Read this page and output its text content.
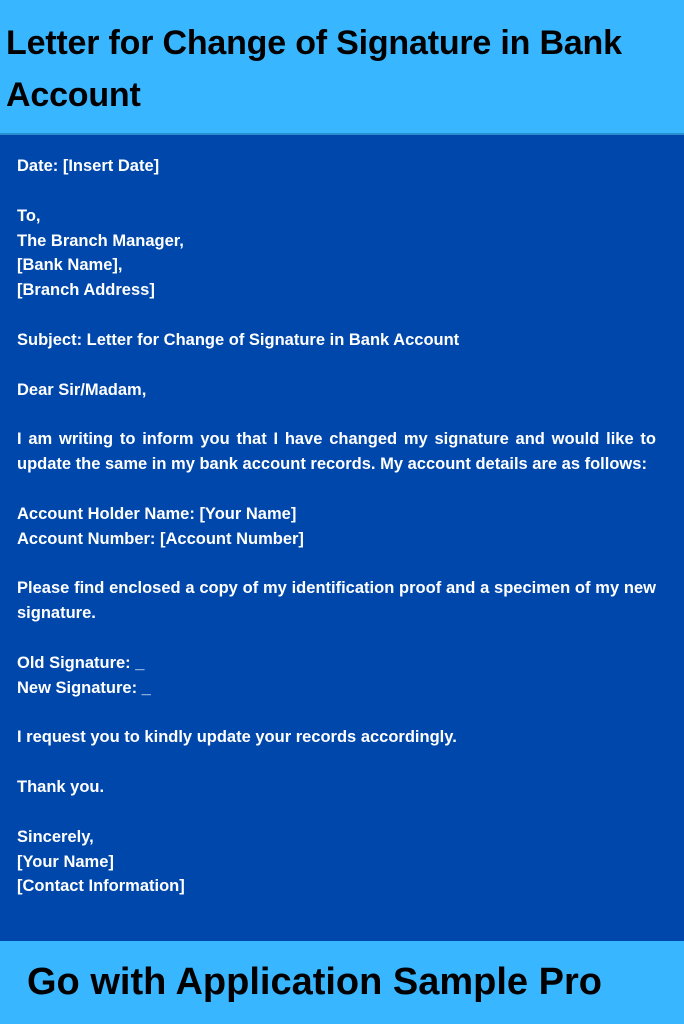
Letter for Change of Signature in Bank Account

Date: [Insert Date]

To,
The Branch Manager,
[Bank Name],
[Branch Address]

Subject: Letter for Change of Signature in Bank Account

Dear Sir/Madam,

I am writing to inform you that I have changed my signature and would like to update the same in my bank account records. My account details are as follows:

Account Holder Name: [Your Name]
Account Number: [Account Number]

Please find enclosed a copy of my identification proof and a specimen of my new signature.

Old Signature: _
New Signature: _

I request you to kindly update your records accordingly.

Thank you.

Sincerely,
[Your Name]
[Contact Information]

Go with Application Sample Pro
